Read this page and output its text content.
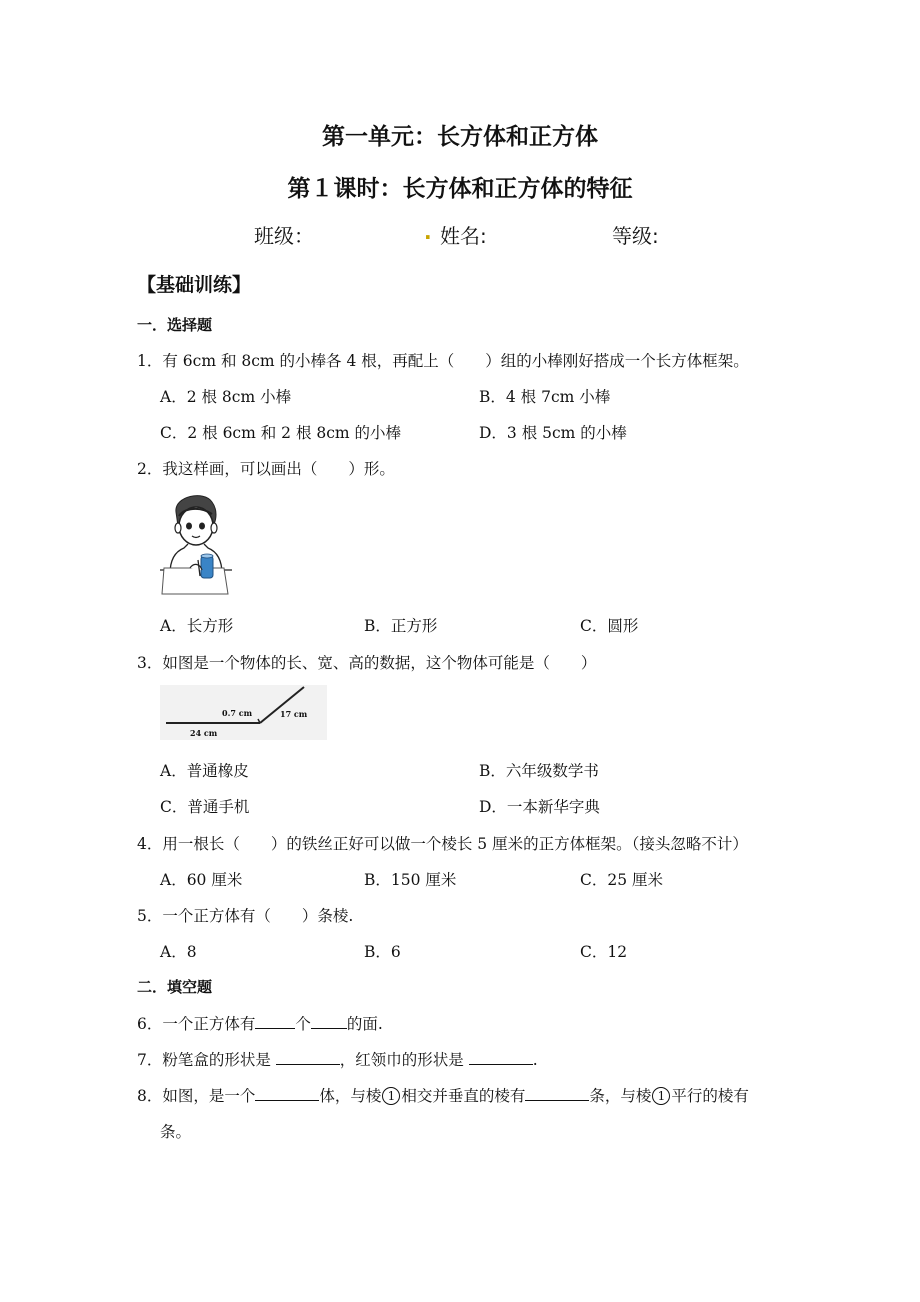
第一单元：长方体和正方体
第１课时：长方体和正方体的特征
班级：	. 姓名:	等级:
【基础训练】
一．选择题
1．有 6cm 和 8cm 的小棒各 4 根，再配上（　　）组的小棒刚好搭成一个长方体框架。
A．2 根 8cm 小棒	B．4 根 7cm 小棒
C．2 根 6cm 和 2 根 8cm 的小棒	D．3 根 5cm 的小棒
2．我这样画，可以画出（　　）形。
A．长方形	B．正方形	C．圆形
3．如图是一个物体的长、宽、高的数据，这个物体可能是（　　）
0.7 cm	17 cm
24 cm
A．普通橡皮	B．六年级数学书
C．普通手机	D．一本新华字典
4．用一根长（　　）的铁丝正好可以做一个棱长 5 厘米的正方体框架。（接头忽略不计）
A．60 厘米	B．150 厘米	C．25 厘米
5．一个正方体有（　　）条棱.
A．8	B．6	C．12
二．填空题
6．一个正方体有	个 的面.
7．粉笔盒的形状是	，红领巾的形状是	.
8．如图，是一个	体，与棱 1 相交并垂直的棱有	条，与棱 1 平行的棱有
条。
